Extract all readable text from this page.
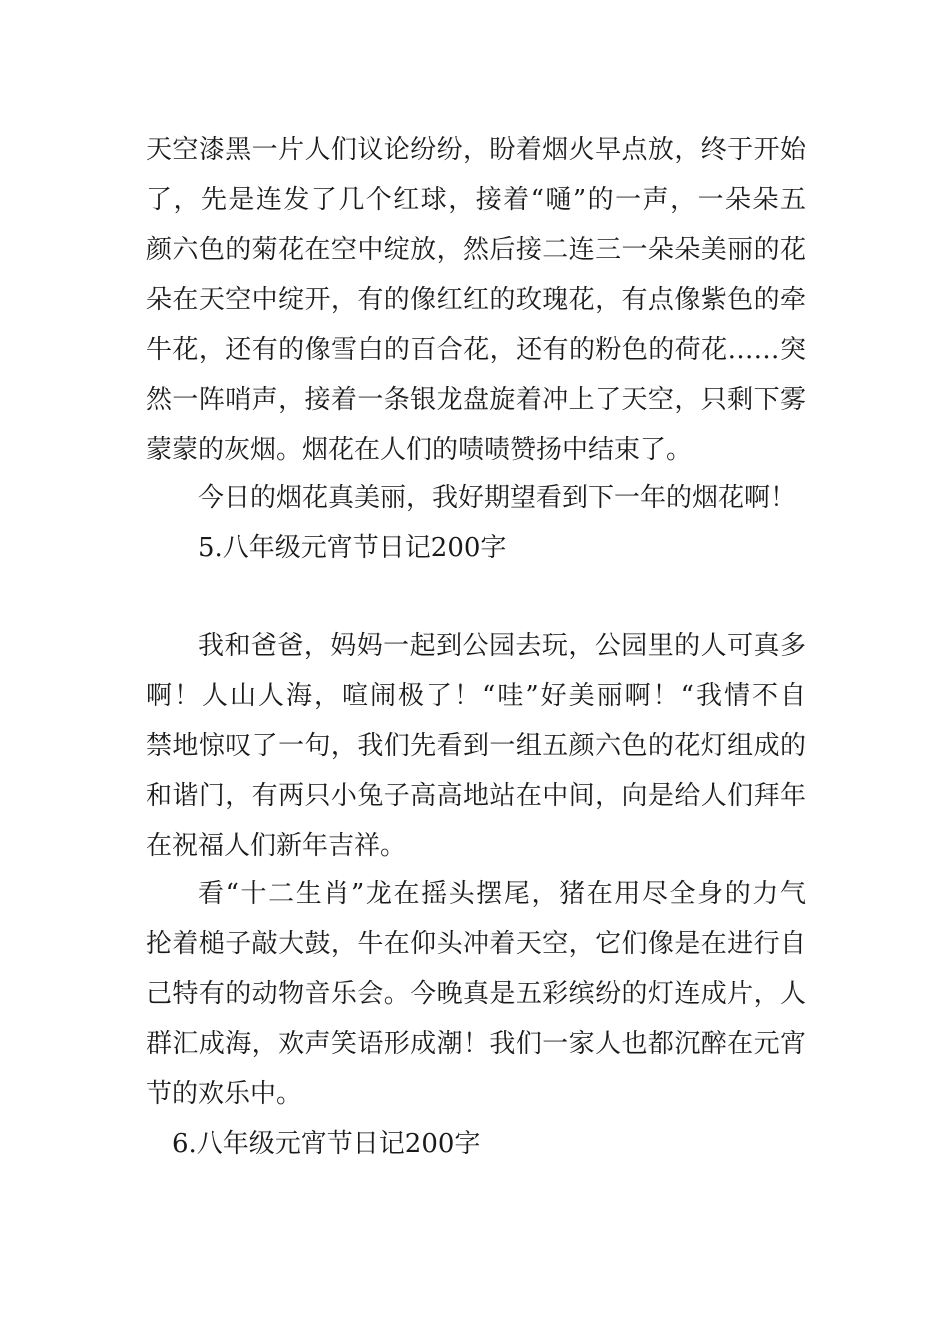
天空漆黑一片人们议论纷纷，盼着烟火早点放，终于开始
了，先是连发了几个红球，接着“嗵”的一声，一朵朵五
颜六色的菊花在空中绽放，然后接二连三一朵朵美丽的花
朵在天空中绽开，有的像红红的玫瑰花，有点像紫色的牵
牛花，还有的像雪白的百合花，还有的粉色的荷花……突
然一阵哨声，接着一条银龙盘旋着冲上了天空，只剩下雾
蒙蒙的灰烟。烟花在人们的啧啧赞扬中结束了。
今日的烟花真美丽，我好期望看到下一年的烟花啊！
5.八年级元宵节日记200字
我和爸爸，妈妈一起到公园去玩，公园里的人可真多
啊！人山人海，喧闹极了！“哇”好美丽啊！“我情不自
禁地惊叹了一句，我们先看到一组五颜六色的花灯组成的
和谐门，有两只小兔子高高地站在中间，向是给人们拜年
在祝福人们新年吉祥。
看“十二生肖”龙在摇头摆尾，猪在用尽全身的力气
抡着槌子敲大鼓，牛在仰头冲着天空，它们像是在进行自
己特有的动物音乐会。今晚真是五彩缤纷的灯连成片，人
群汇成海，欢声笑语形成潮！我们一家人也都沉醉在元宵
节的欢乐中。
6.八年级元宵节日记200字
